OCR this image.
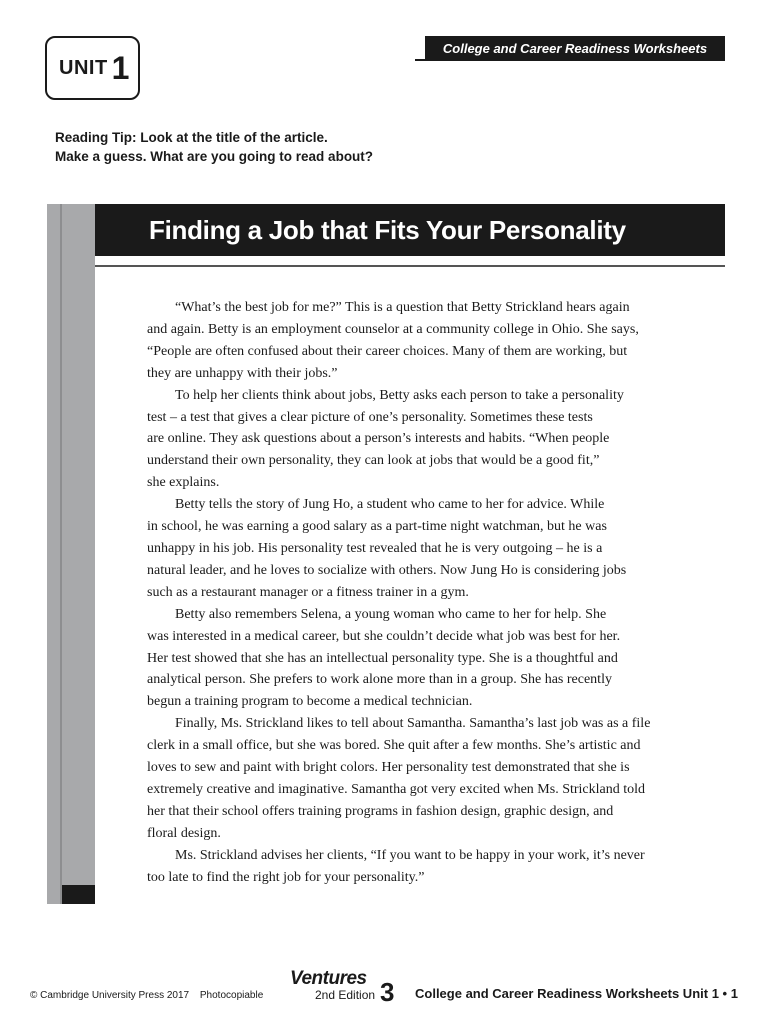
College and Career Readiness Worksheets
UNIT 1
Reading Tip: Look at the title of the article.
Make a guess. What are you going to read about?
Finding a Job that Fits Your Personality
“What’s the best job for me?” This is a question that Betty Strickland hears again
and again. Betty is an employment counselor at a community college in Ohio. She says,
“People are often confused about their career choices. Many of them are working, but
they are unhappy with their jobs.”
To help her clients think about jobs, Betty asks each person to take a personality
test – a test that gives a clear picture of one’s personality. Sometimes these tests
are online. They ask questions about a person’s interests and habits. “When people
understand their own personality, they can look at jobs that would be a good fit,”
she explains.
Betty tells the story of Jung Ho, a student who came to her for advice. While
in school, he was earning a good salary as a part-time night watchman, but he was
unhappy in his job. His personality test revealed that he is very outgoing – he is a
natural leader, and he loves to socialize with others. Now Jung Ho is considering jobs
such as a restaurant manager or a fitness trainer in a gym.
Betty also remembers Selena, a young woman who came to her for help. She
was interested in a medical career, but she couldn’t decide what job was best for her.
Her test showed that she has an intellectual personality type. She is a thoughtful and
analytical person. She prefers to work alone more than in a group. She has recently
begun a training program to become a medical technician.
Finally, Ms. Strickland likes to tell about Samantha. Samantha’s last job was as a file
clerk in a small office, but she was bored. She quit after a few months. She’s artistic and
loves to sew and paint with bright colors. Her personality test demonstrated that she is
extremely creative and imaginative. Samantha got very excited when Ms. Strickland told
her that their school offers training programs in fashion design, graphic design, and
floral design.
Ms. Strickland advises her clients, “If you want to be happy in your work, it’s never
too late to find the right job for your personality.”
© Cambridge University Press 2017 Photocopiable
Ventures
2nd Edition 3 College and Career Readiness Worksheets Unit 1 • 1
